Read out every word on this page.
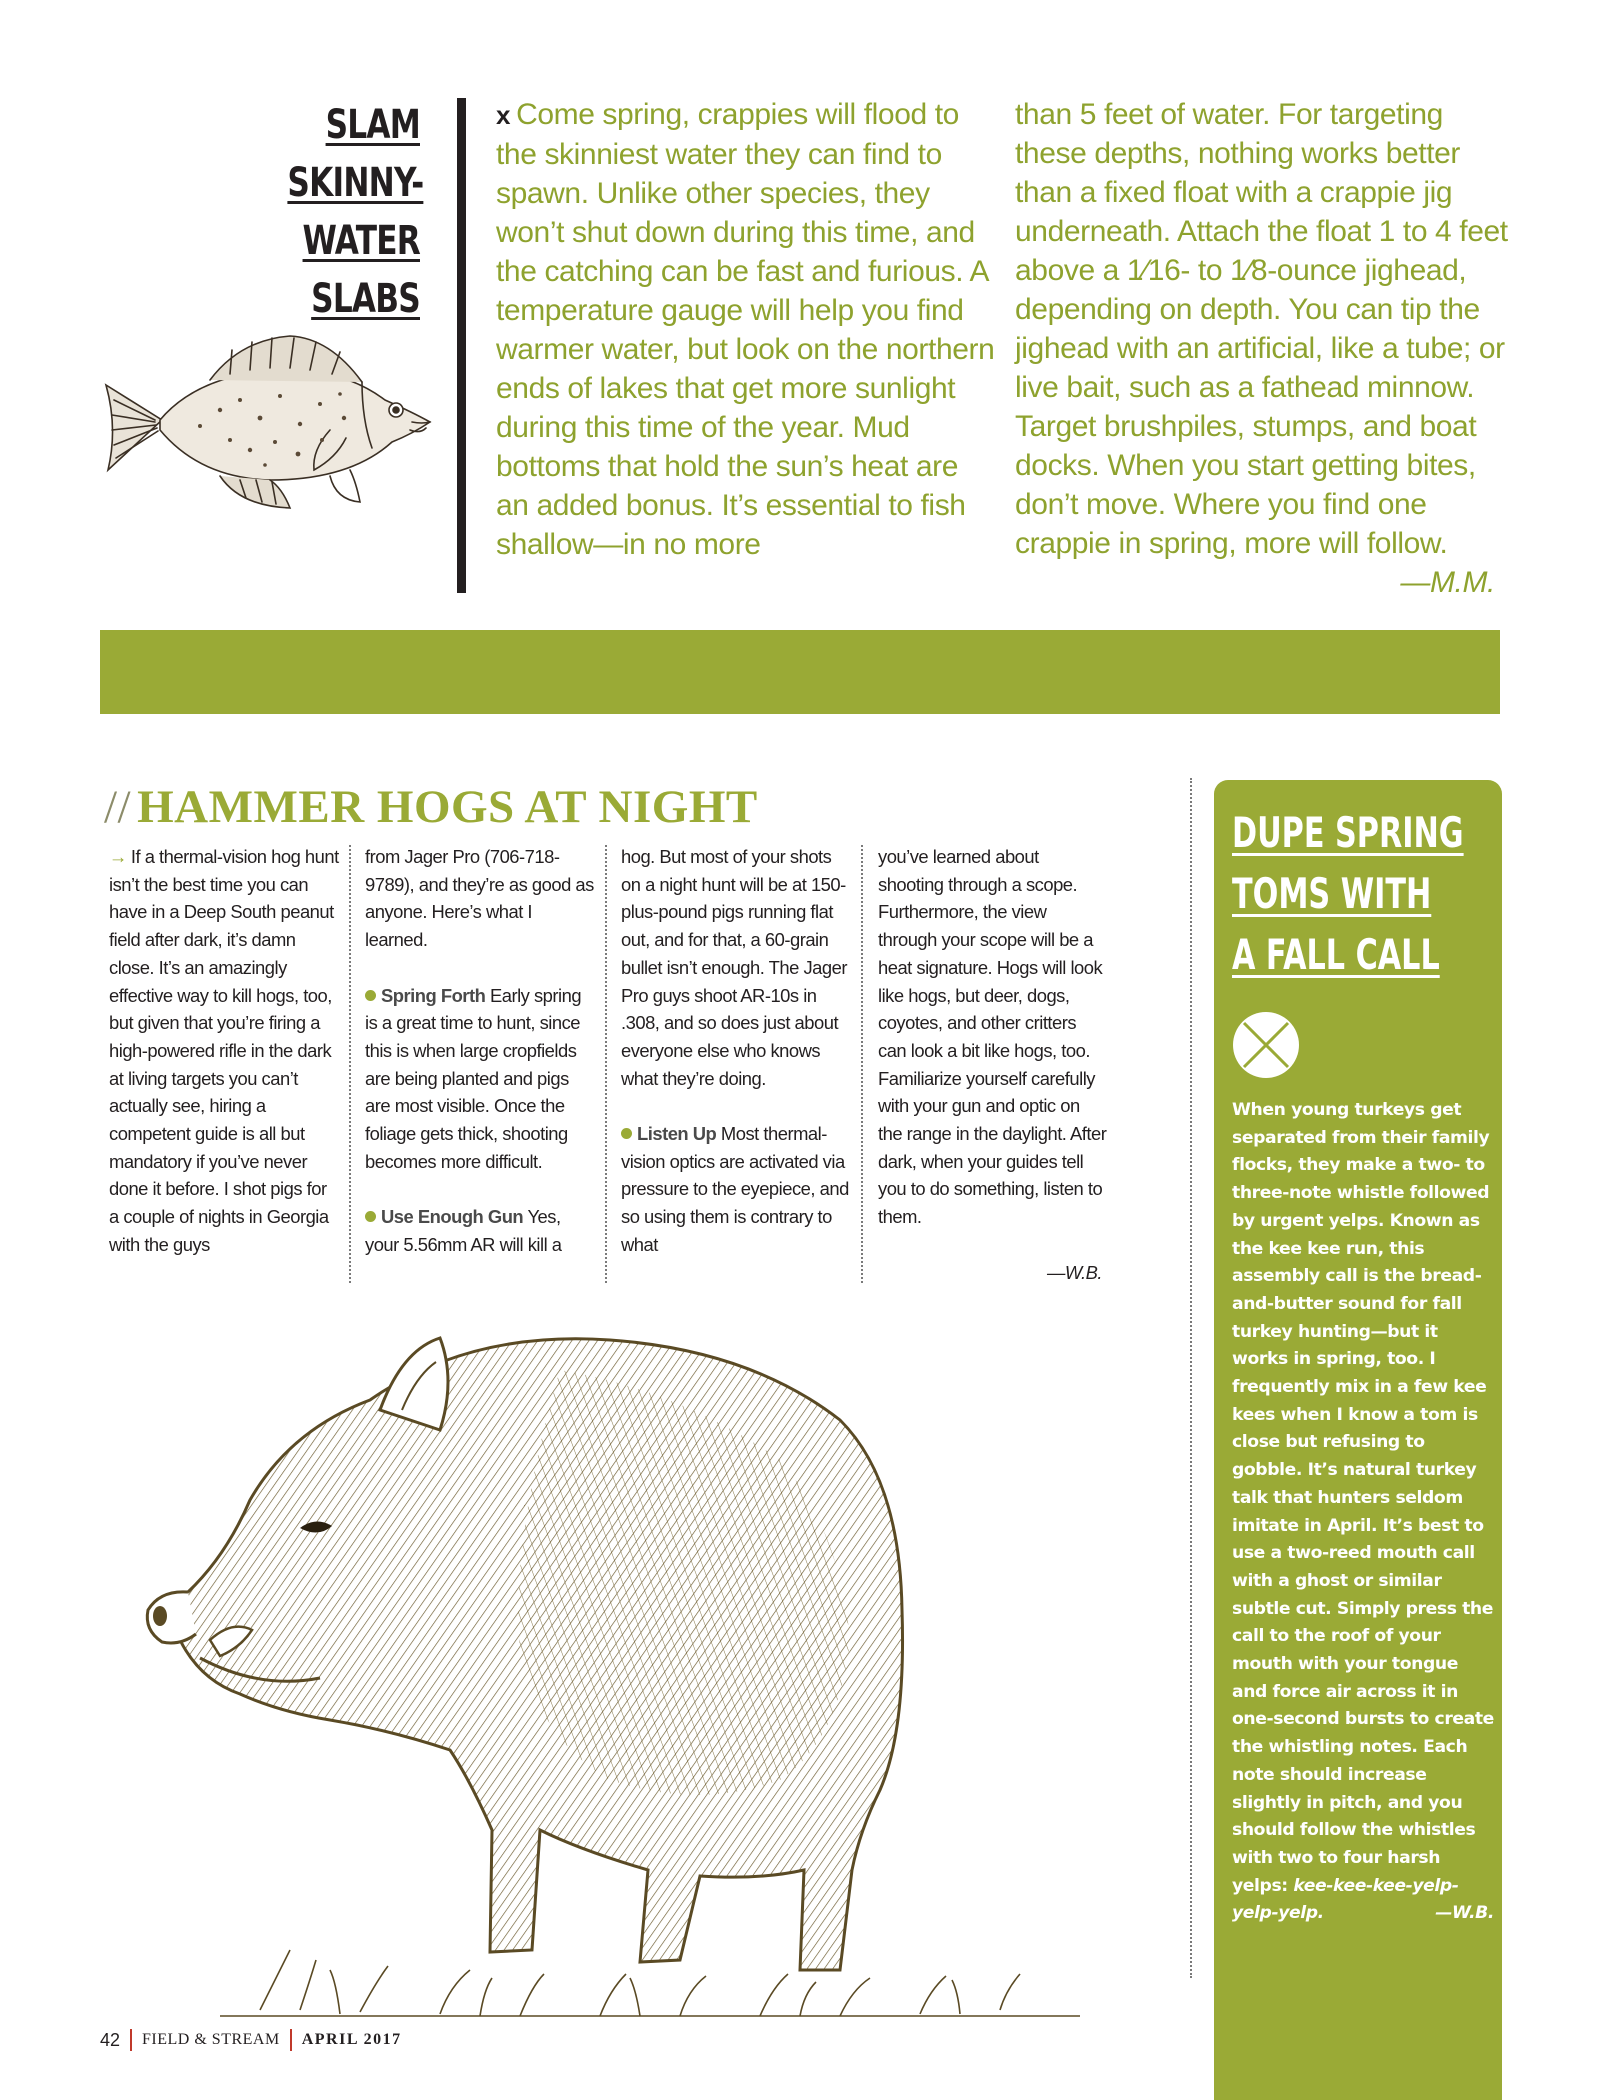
SLAM
SKINNY-
WATER
SLABS
x Come spring, crappies will flood to the skinniest water they can find to spawn. Unlike other species, they won’t shut down during this time, and the catching can be fast and furious. A temperature gauge will help you find warmer water, but look on the northern ends of lakes that get more sunlight during this time of the year. Mud bottoms that hold the sun’s heat are an added bonus. It’s essential to fish shallow—in no more
than 5 feet of water. For targeting these depths, nothing works better than a fixed float with a crappie jig underneath. Attach the float 1 to 4 feet above a 1⁄16- to 1⁄8-ounce jighead, depending on depth. You can tip the jighead with an artificial, like a tube; or live bait, such as a fathead minnow. Target brushpiles, stumps, and boat docks. When you start getting bites, don’t move. Where you find one crappie in spring, more will follow.
—M.M.
// HAMMER HOGS AT NIGHT

→ If a thermal-vision hog hunt isn’t the best time you can have in a Deep South peanut field after dark, it’s damn close. It’s an amazingly effective way to kill hogs, too, but given that you’re firing a high-powered rifle in the dark at living targets you can’t actually see, hiring a competent guide is all but mandatory if you’ve never done it before. I shot pigs for a couple of nights in Georgia with the guys

from Jager Pro (706-718-9789), and they’re as good as anyone. Here’s what I learned.

Spring Forth Early spring is a great time to hunt, since this is when large cropfields are being planted and pigs are most visible. Once the foliage gets thick, shooting becomes more difficult.

Use Enough Gun Yes, your 5.56mm AR will kill a

hog. But most of your shots on a night hunt will be at 150-plus-pound pigs running flat out, and for that, a 60-grain bullet isn’t enough. The Jager Pro guys shoot AR-10s in .308, and so does just about everyone else who knows what they’re doing.

Listen Up Most thermal-vision optics are activated via pressure to the eyepiece, and so using them is contrary to what

you’ve learned about shooting through a scope. Furthermore, the view through your scope will be a heat signature. Hogs will look like hogs, but deer, dogs, coyotes, and other critters can look a bit like hogs, too. Familiarize yourself carefully with your gun and optic on the range in the daylight. After dark, when your guides tell you to do something, listen to them.

—W.B.
DUPE SPRING
TOMS WITH
A FALL CALL
When young turkeys get separated from their family flocks, they make a two- to three-note whistle followed by urgent yelps. Known as the kee kee run, this assembly call is the bread-and-butter sound for fall turkey hunting—but it works in spring, too. I frequently mix in a few kee kees when I know a tom is close but refusing to gobble. It’s natural turkey talk that hunters seldom imitate in April. It’s best to use a two-reed mouth call with a ghost or similar subtle cut. Simply press the call to the roof of your mouth with your tongue and force air across it in one-second bursts to create the whistling notes. Each note should increase slightly in pitch, and you should follow the whistles with two to four harsh yelps: kee-kee-kee-yelp-yelp-yelp.	—W.B.
42 FIELD & STREAM APRIL 2017
